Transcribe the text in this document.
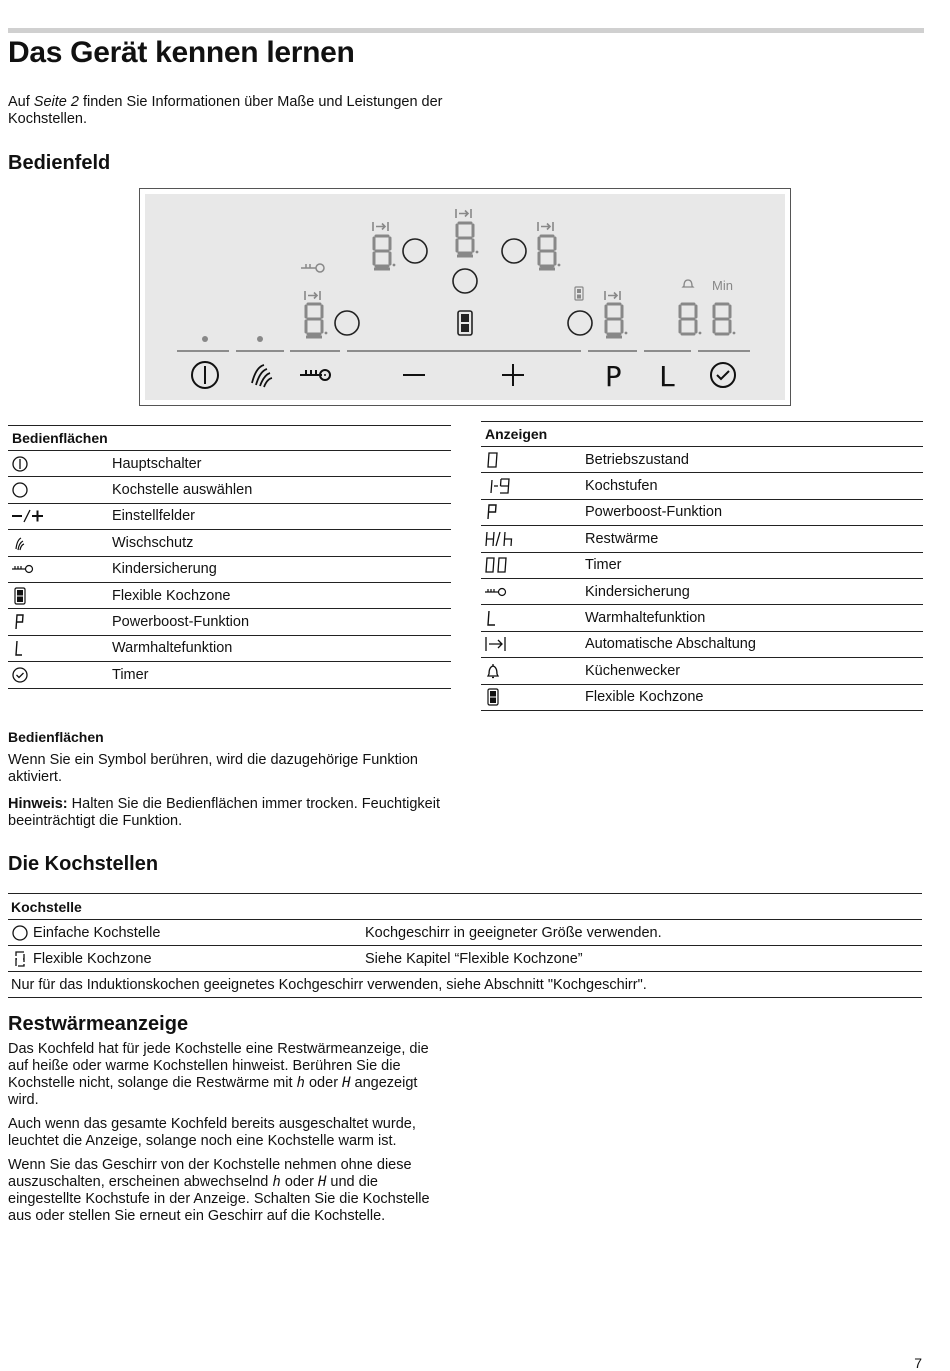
Das Gerät kennen lernen
Auf Seite 2 finden Sie Informationen über Maße und Leistungen der Kochstellen.
Bedienfeld
Min
P L
Bedienflächen	

	Hauptschalter

	Kochstelle auswählen

	Einstellfelder

	Wischschutz

	Kindersicherung

	Flexible Kochzone

	Powerboost-Funktion

	Warmhaltefunktion

	Timer
Anzeigen	

	Betriebszustand

	Kochstufen

	Powerboost-Funktion

	Restwärme

	Timer

	Kindersicherung

	Warmhaltefunktion

	Automatische Abschaltung

	Küchenwecker

	Flexible Kochzone
Bedienflächen

Wenn Sie ein Symbol berühren, wird die dazugehörige Funktion aktiviert.

Hinweis: Halten Sie die Bedienflächen immer trocken. Feuchtigkeit beeinträchtigt die Funktion.

Die Kochstellen
Kochstelle	
Einfache Kochstelle	Kochgeschirr in geeigneter Größe verwenden.
Flexible Kochzone	Siehe Kapitel “Flexible Kochzone”
Nur für das Induktionskochen geeignetes Kochgeschirr verwenden, siehe Abschnitt "Kochgeschirr".	
Restwärmeanzeige

Das Kochfeld hat für jede Kochstelle eine Restwärmeanzeige, die auf heiße oder warme Kochstellen hinweist. Berühren Sie die Kochstelle nicht, solange die Restwärme mit h oder H angezeigt wird.

Auch wenn das gesamte Kochfeld bereits ausgeschaltet wurde, leuchtet die Anzeige, solange noch eine Kochstelle warm ist.

Wenn Sie das Geschirr von der Kochstelle nehmen ohne diese auszuschalten, erscheinen abwechselnd h oder H und die eingestellte Kochstufe in der Anzeige. Schalten Sie die Kochstelle aus oder stellen Sie erneut ein Geschirr auf die Kochstelle.

7
